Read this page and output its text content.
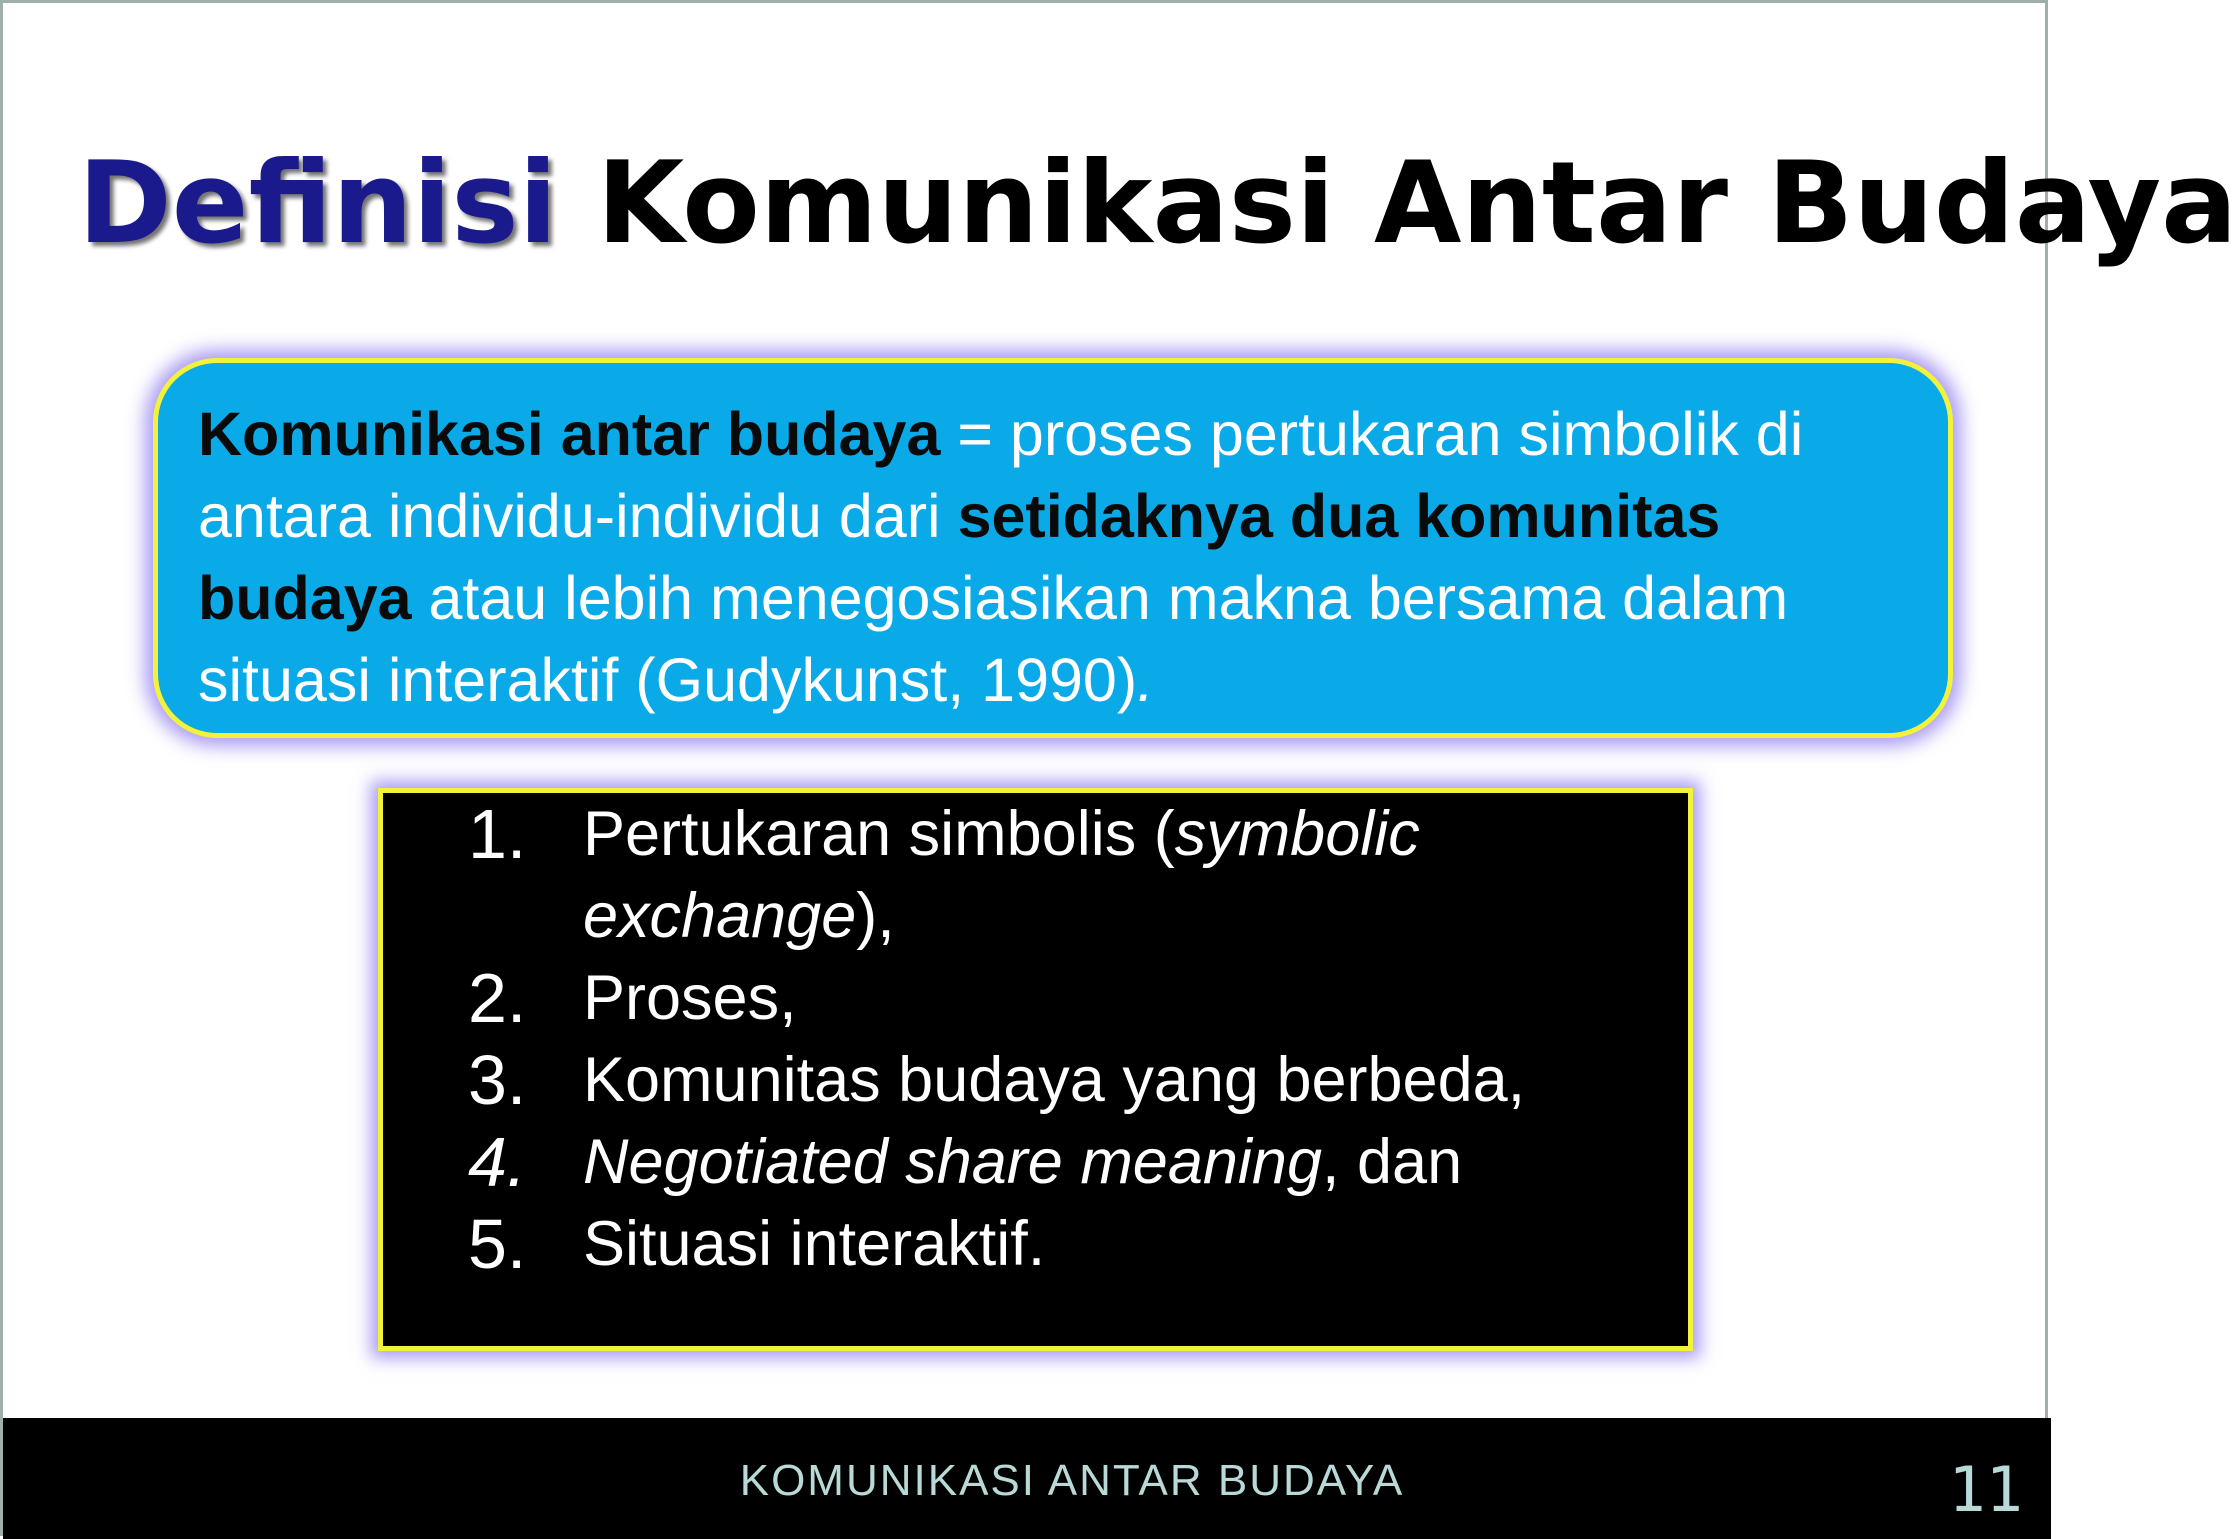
Definisi Komunikasi Antar Budaya
Komunikasi antar budaya = proses pertukaran simbolik di antara individu-individu dari setidaknya dua komunitas budaya atau lebih menegosiasikan makna bersama dalam situasi interaktif (Gudykunst, 1990).
1. Pertukaran simbolis (symbolic exchange),
2. Proses,
3. Komunitas budaya yang berbeda,
4. Negotiated share meaning, dan
5. Situasi interaktif.
KOMUNIKASI ANTAR BUDAYA	11
